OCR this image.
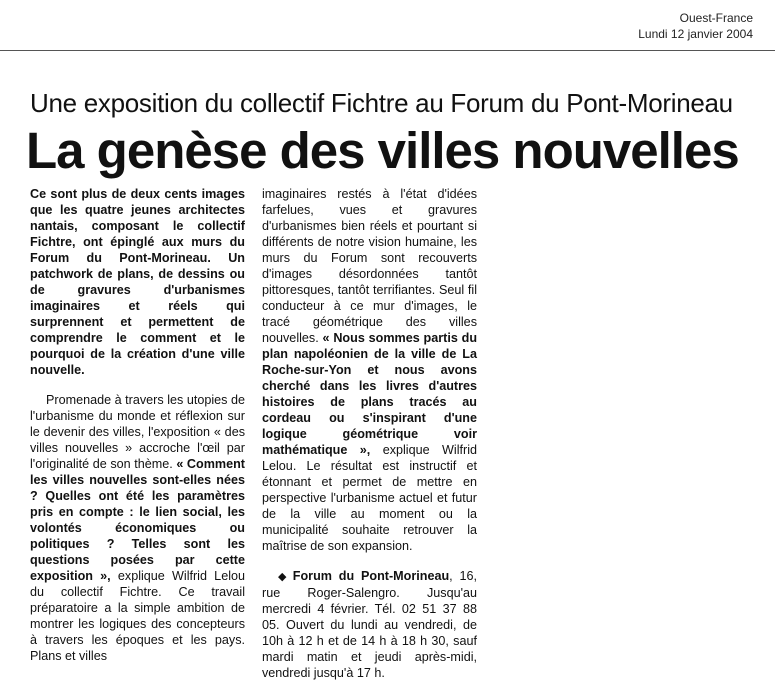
Ouest-France
Lundi 12 janvier 2004
Une exposition du collectif Fichtre au Forum du Pont-Morineau
La genèse des villes nouvelles

Ce sont plus de deux cents images que les quatre jeunes architectes nantais, composant le collectif Fichtre, ont épinglé aux murs du Forum du Pont-Morineau. Un patchwork de plans, de dessins ou de gravures d'urbanismes imaginaires et réels qui surprennent et permettent de comprendre le comment et le pourquoi de la création d'une ville nouvelle.

Promenade à travers les utopies de l'urbanisme du monde et réflexion sur le devenir des villes, l'exposition « des villes nouvelles » accroche l'œil par l'originalité de son thème. « Comment les villes nouvelles sont-elles nées ? Quelles ont été les paramètres pris en compte : le lien social, les volontés économiques ou politiques ? Telles sont les questions posées par cette exposition », explique Wilfrid Lelou du collectif Fichtre. Ce travail préparatoire a la simple ambition de montrer les logiques des concepteurs à travers les époques et les pays. Plans et villes

imaginaires restés à l'état d'idées farfelues, vues et gravures d'urbanismes bien réels et pourtant si différents de notre vision humaine, les murs du Forum sont recouverts d'images désordonnées tantôt pittoresques, tantôt terrifiantes. Seul fil conducteur à ce mur d'images, le tracé géométrique des villes nouvelles. « Nous sommes partis du plan napoléonien de la ville de La Roche-sur-Yon et nous avons cherché dans les livres d'autres histoires de plans tracés au cordeau ou s'inspirant d'une logique géométrique voir mathématique », explique Wilfrid Lelou. Le résultat est instructif et étonnant et permet de mettre en perspective l'urbanisme actuel et futur de la ville au moment ou la municipalité souhaite retrouver la maîtrise de son expansion.

◆ Forum du Pont-Morineau, 16, rue Roger-Salengro. Jusqu'au mercredi 4 février. Tél. 02 51 37 88 05. Ouvert du lundi au vendredi, de 10h à 12 h et de 14 h à 18 h 30, sauf mardi matin et jeudi après-midi, vendredi jusqu'à 17 h.
